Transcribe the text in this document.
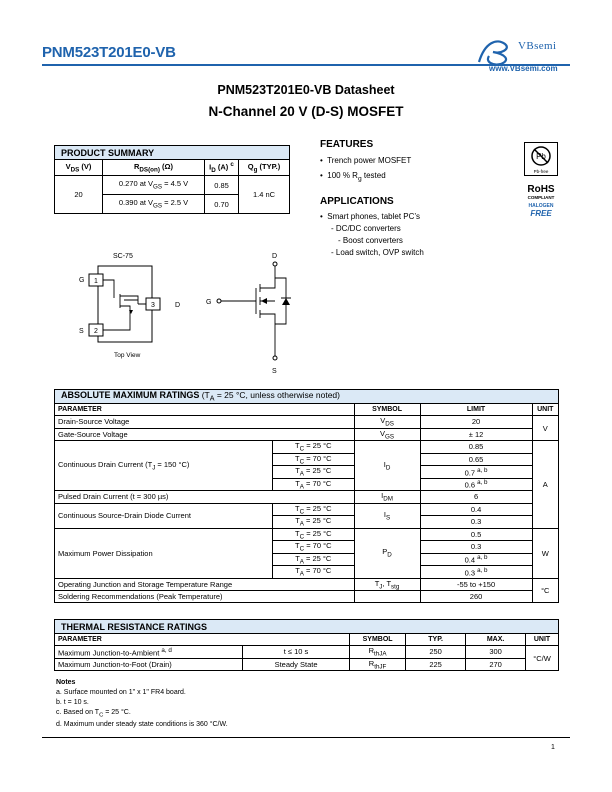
PNM523T201E0-VB	VBsemi
www.VBsemi.com
PNM523T201E0-VB Datasheet
N-Channel 20 V (D-S) MOSFET
PRODUCT SUMMARY			
$V_{DS}$ (V)	$R_{DS(on)}$ (Ω)	$I_D$ (A) $^c$	$Q_g$ (TYP.)
20	0.270 at $V_{GS} = 4.5$ V	0.85	1.4 nC
	0.390 at $V_{GS} = 2.5$ V	0.70	
FEATURES
•  Trench power MOSFET
•  100 % $R_g$ tested
APPLICATIONS
•  Smart phones, tablet PC’s
- DC/DC converters
- Boost converters
- Load switch, OVP switch
Pb
Pb-free
RoHS
COMPLIANT
HALOGEN
FREE
SC-75
1
2
3
G
S
D
Top View
D
G
S
ABSOLUTE MAXIMUM RATINGS ($T_A = 25$ °C, unless otherwise noted)				
PARAMETER		SYMBOL	LIMIT	UNIT
Drain-Source Voltage		$V_{DS}$	20	V
Gate-Source Voltage		$V_{GS}$	± 12	
Continuous Drain Current ($T_J = 150$ °C)	$T_C = 25$ °C	$I_D$	0.85	A
	$T_C = 70$ °C		0.65	
	$T_A = 25$ °C		0.7 $^{a, b}$
	$T_A = 70$ °C		0.6 $^{a, b}$
Pulsed Drain Current (t = 300 µs)		$I_{DM}$	6	
Continuous Source-Drain Diode Current	$T_C = 25$ °C	$I_S$	0.4	
	$T_A = 25$ °C		0.3	
Maximum Power Dissipation	$T_C = 25$ °C	$P_D$	0.5	W
	$T_C = 70$ °C		0.3	
	$T_A = 25$ °C		0.4 $^{a, b}$
	$T_A = 70$ °C		0.3 $^{a, b}$
Operating Junction and Storage Temperature Range		$T_J$, $T_{stg}$	-55 to +150	°C
Soldering Recommendations (Peak Temperature)			260	
THERMAL RESISTANCE RATINGS					
PARAMETER		SYMBOL	TYP.	MAX.	UNIT
Maximum Junction-to-Ambient $^{a, d}$	t ≤ 10 s	$R_{thJA}$	250	300	°C/W
Maximum Junction-to-Foot (Drain)	Steady State	$R_{thJF}$	225	270	
Notes
a. Surface mounted on 1" x 1" FR4 board.
b. t = 10 s.
c. Based on $T_C = 25$ °C.
d. Maximum under steady state conditions is 360 °C/W.
1
